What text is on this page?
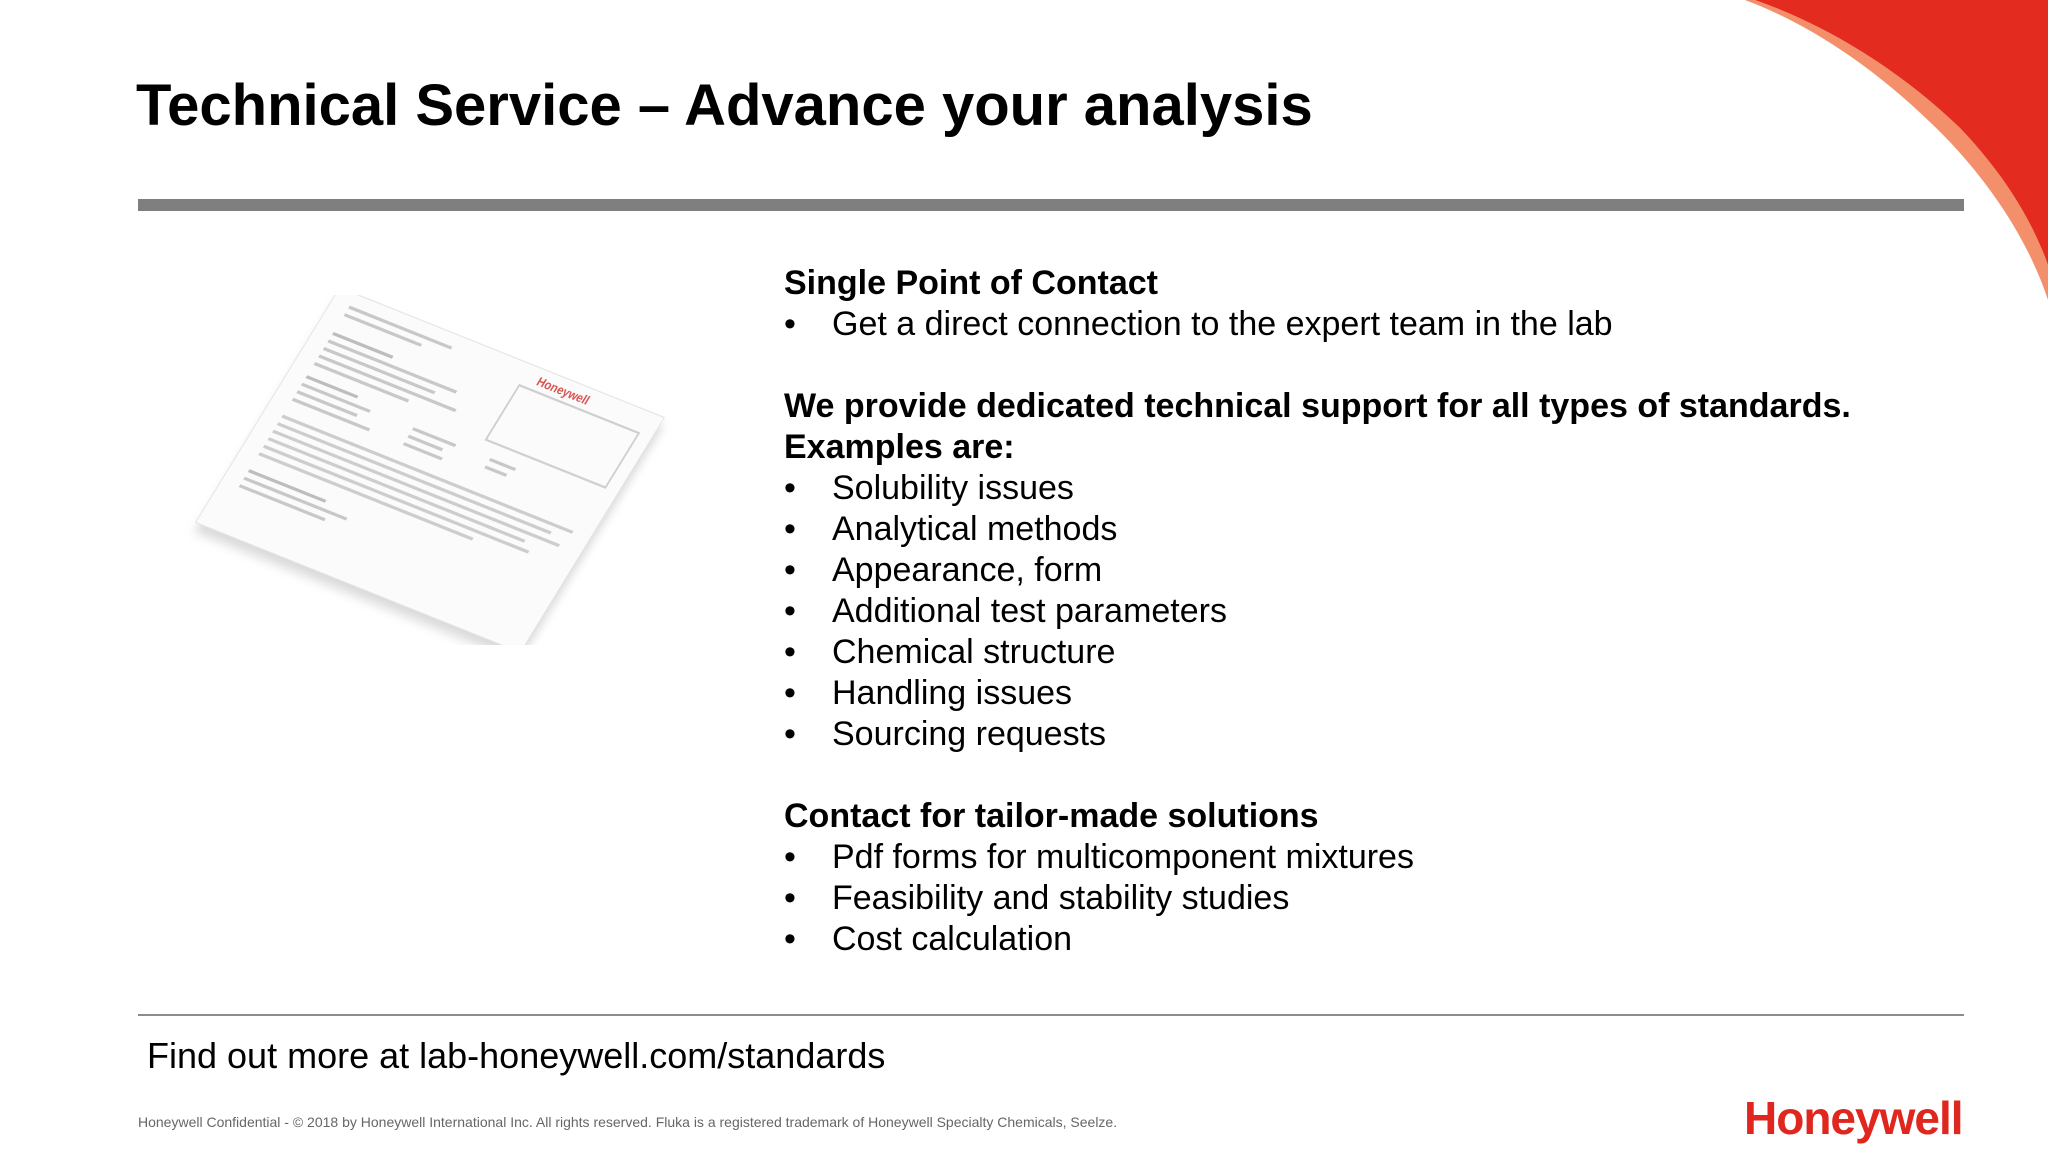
Technical Service – Advance your analysis
Honeywell
Single Point of Contact
• Get a direct connection to the expert team in the lab
We provide dedicated technical support for all types of standards.
Examples are:
• Solubility issues
• Analytical methods
• Appearance, form
• Additional test parameters
• Chemical structure
• Handling issues
• Sourcing requests
Contact for tailor-made solutions
• Pdf forms for multicomponent mixtures
• Feasibility and stability studies
• Cost calculation
Find out more at lab-honeywell.com/standards
Honeywell Confidential - © 2018 by Honeywell International Inc. All rights reserved. Fluka is a registered trademark of Honeywell Specialty Chemicals, Seelze.	Honeywell
